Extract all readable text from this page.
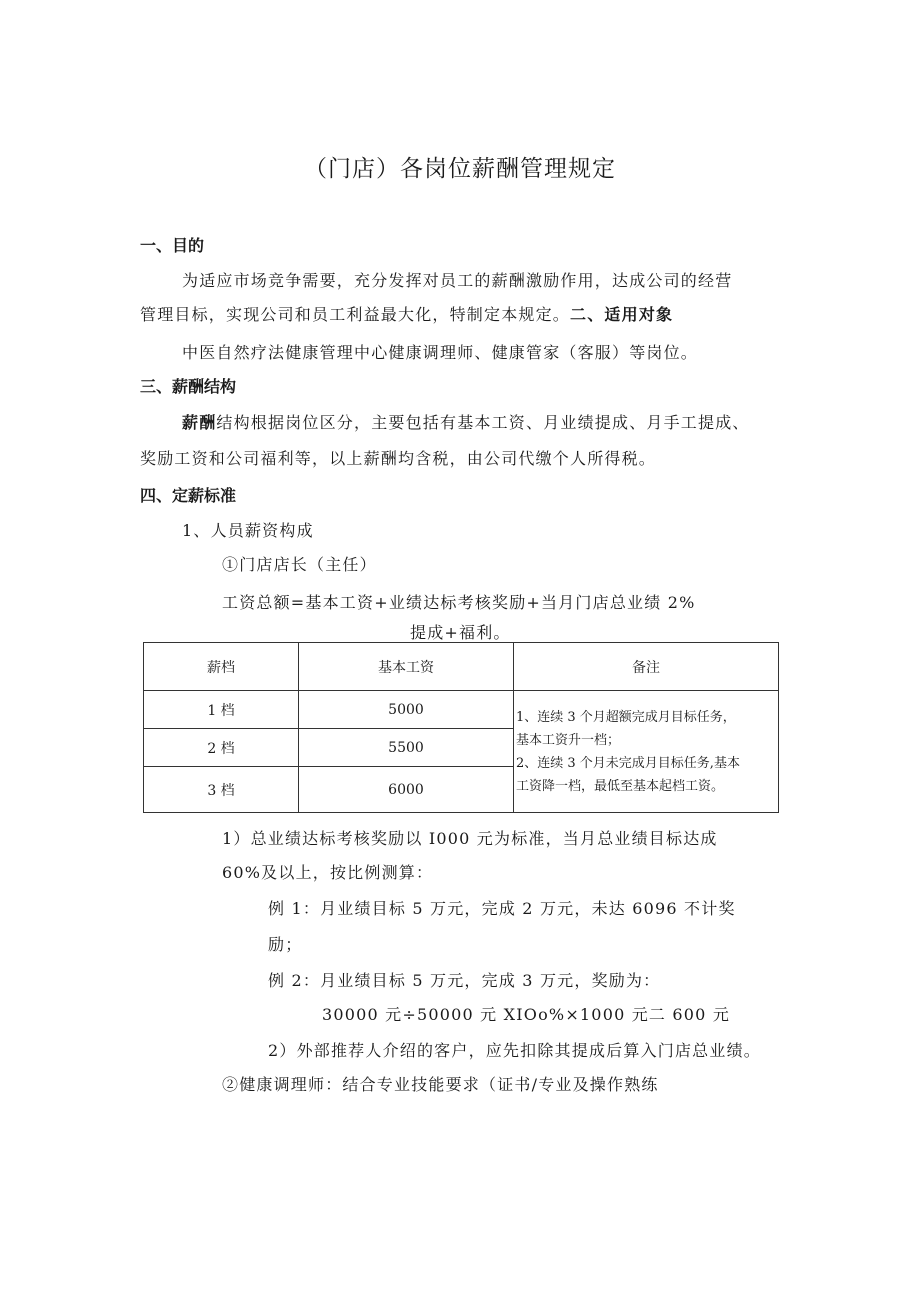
（门店）各岗位薪酬管理规定
一、目的
为适应市场竞争需要，充分发挥对员工的薪酬激励作用，达成公司的经营
管理目标，实现公司和员工利益最大化，特制定本规定。二、适用对象
中医自然疗法健康管理中心健康调理师、健康管家（客服）等岗位。
三、薪酬结构
薪酬结构根据岗位区分，主要包括有基本工资、月业绩提成、月手工提成、
奖励工资和公司福利等，以上薪酬均含税，由公司代缴个人所得税。
四、定薪标准
1、人员薪资构成
①门店店长（主任）
工资总额=基本工资+业绩达标考核奖励+当月门店总业绩 2%
提成+福利。
薪档	基本工资	备注
1 档	5000	1、连续 3 个月超额完成月目标任务，
基本工资升一档；
2、连续 3 个月未完成月目标任务,基本
工资降一档，最低至基本起档工资。

2 档	5500	
3 档	6000	
1）总业绩达标考核奖励以 I000 元为标准，当月总业绩目标达成
60%及以上，按比例测算：
例 1：月业绩目标 5 万元，完成 2 万元，未达 6096 不计奖
励；
例 2：月业绩目标 5 万元，完成 3 万元，奖励为：
30000 元÷50000 元 XIOo%×1000 元二 600 元
2）外部推荐人介绍的客户，应先扣除其提成后算入门店总业绩。
②健康调理师：结合专业技能要求（证书/专业及操作熟练
